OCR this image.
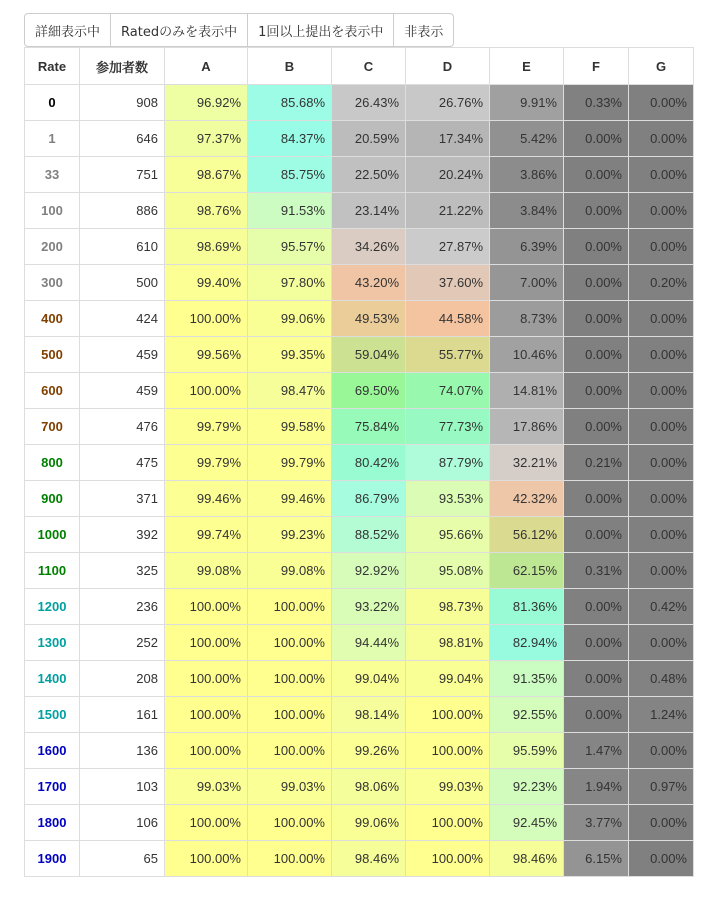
詳細表示中	Ratedのみを表示中	1回以上提出を表示中	非表示
Rate	参加者数	A	B	C	D	E	F	G
0	908	96.92%	85.68%	26.43%	26.76%	9.91%	0.33%	0.00%
1	646	97.37%	84.37%	20.59%	17.34%	5.42%	0.00%	0.00%
33	751	98.67%	85.75%	22.50%	20.24%	3.86%	0.00%	0.00%
100	886	98.76%	91.53%	23.14%	21.22%	3.84%	0.00%	0.00%
200	610	98.69%	95.57%	34.26%	27.87%	6.39%	0.00%	0.00%
300	500	99.40%	97.80%	43.20%	37.60%	7.00%	0.00%	0.20%
400	424	100.00%	99.06%	49.53%	44.58%	8.73%	0.00%	0.00%
500	459	99.56%	99.35%	59.04%	55.77%	10.46%	0.00%	0.00%
600	459	100.00%	98.47%	69.50%	74.07%	14.81%	0.00%	0.00%
700	476	99.79%	99.58%	75.84%	77.73%	17.86%	0.00%	0.00%
800	475	99.79%	99.79%	80.42%	87.79%	32.21%	0.21%	0.00%
900	371	99.46%	99.46%	86.79%	93.53%	42.32%	0.00%	0.00%
1000	392	99.74%	99.23%	88.52%	95.66%	56.12%	0.00%	0.00%
1100	325	99.08%	99.08%	92.92%	95.08%	62.15%	0.31%	0.00%
1200	236	100.00%	100.00%	93.22%	98.73%	81.36%	0.00%	0.42%
1300	252	100.00%	100.00%	94.44%	98.81%	82.94%	0.00%	0.00%
1400	208	100.00%	100.00%	99.04%	99.04%	91.35%	0.00%	0.48%
1500	161	100.00%	100.00%	98.14%	100.00%	92.55%	0.00%	1.24%
1600	136	100.00%	100.00%	99.26%	100.00%	95.59%	1.47%	0.00%
1700	103	99.03%	99.03%	98.06%	99.03%	92.23%	1.94%	0.97%
1800	106	100.00%	100.00%	99.06%	100.00%	92.45%	3.77%	0.00%
1900	65	100.00%	100.00%	98.46%	100.00%	98.46%	6.15%	0.00%
